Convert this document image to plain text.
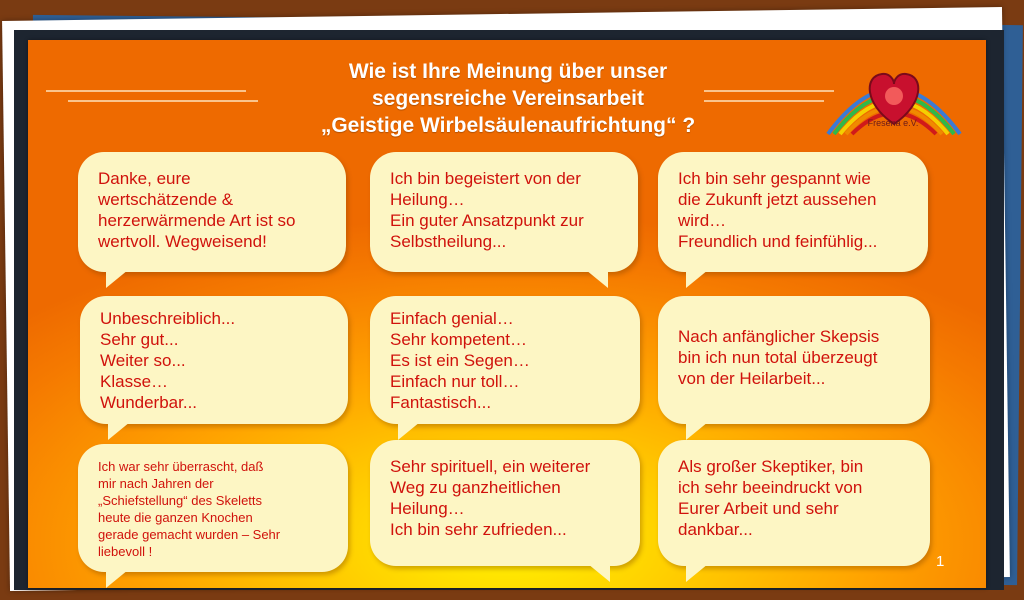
Wie ist Ihre Meinung über unser
segensreiche Vereinsarbeit
„Geistige Wirbelsäulenaufrichtung“ ?	Fresena e.V.
Danke, eure
wertschätzende &
herzerwärmende Art ist so
wertvoll. Wegweisend!
Ich bin begeistert von der
Heilung…
Ein guter Ansatzpunkt zur
Selbstheilung...
Ich bin sehr gespannt wie
die Zukunft jetzt aussehen
wird…
Freundlich und feinfühlig...
Unbeschreiblich...
Sehr gut...
Weiter so...
Klasse…
Wunderbar...
Einfach genial…
Sehr kompetent…
Es ist ein Segen…
Einfach nur toll…
Fantastisch...
Nach anfänglicher Skepsis
bin ich nun total überzeugt
von der Heilarbeit...
Ich war sehr überrascht, daß
mir nach Jahren der
„Schiefstellung“ des Skeletts
heute die ganzen Knochen
gerade gemacht wurden – Sehr
liebevoll !
Sehr spirituell, ein weiterer
Weg zu ganzheitlichen
Heilung…
Ich bin sehr zufrieden...
Als großer Skeptiker, bin
ich sehr beeindruckt von
Eurer Arbeit und sehr
dankbar...
1
